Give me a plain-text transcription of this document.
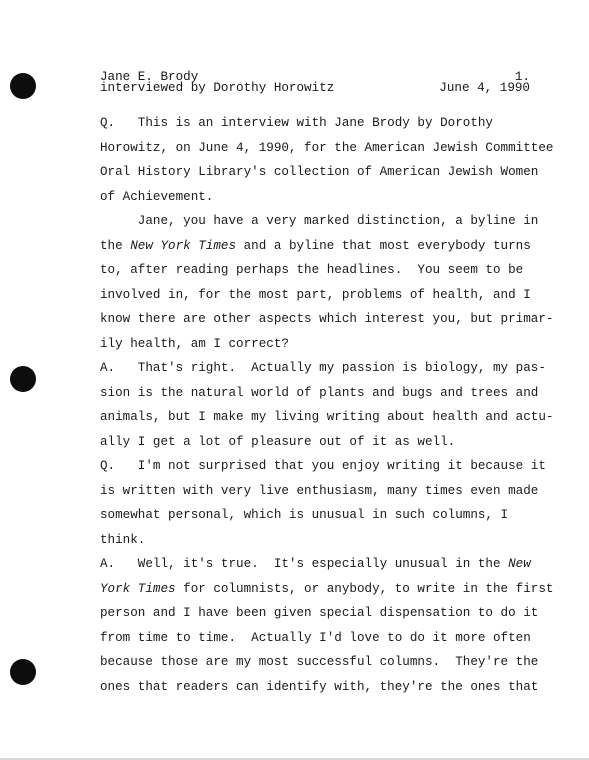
Jane E. Brody
interviewed by Dorothy Horowitz
1.
June 4, 1990
Q.   This is an interview with Jane Brody by Dorothy
Horowitz, on June 4, 1990, for the American Jewish Committee
Oral History Library's collection of American Jewish Women
of Achievement.
Jane, you have a very marked distinction, a byline in
the New York Times and a byline that most everybody turns
to, after reading perhaps the headlines.  You seem to be
involved in, for the most part, problems of health, and I
know there are other aspects which interest you, but primar-
ily health, am I correct?
A.   That's right.  Actually my passion is biology, my pas-
sion is the natural world of plants and bugs and trees and
animals, but I make my living writing about health and actu-
ally I get a lot of pleasure out of it as well.
Q.   I'm not surprised that you enjoy writing it because it
is written with very live enthusiasm, many times even made
somewhat personal, which is unusual in such columns, I
think.
A.   Well, it's true.  It's especially unusual in the New
York Times for columnists, or anybody, to write in the first
person and I have been given special dispensation to do it
from time to time.  Actually I'd love to do it more often
because those are my most successful columns.  They're the
ones that readers can identify with, they're the ones that
